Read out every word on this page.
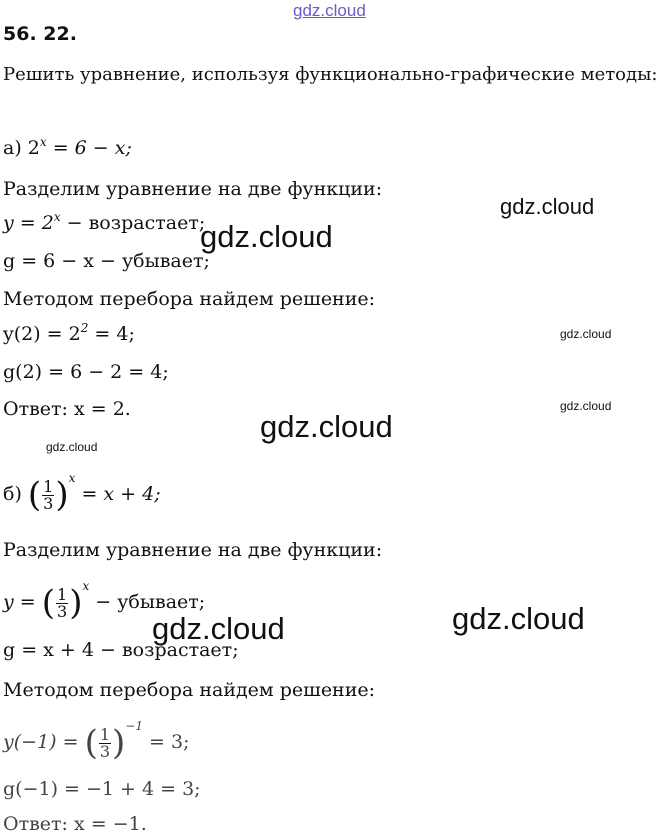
gdz.cloud
gdz.cloud
gdz.cloud
gdz.cloud
gdz.cloud
gdz.cloud
gdz.cloud
gdz.cloud
gdz.cloud
56. 22.
Решить уравнение, используя функционально-графические методы:
а) $2^x = 6 - x$;
Разделим уравнение на две функции:
$y = 2^x$ − возрастает;
g = 6 − x − убывает;
Методом перебора найдем решение:
$y(2) = 2^2 = 4$;
g(2) = 6 − 2 = 4;
Ответ: x = 2.
б) ( $\frac{1}{3} )^x = x + 4$;
Разделим уравнение на две функции:
y = ( $\frac{1}{3} )^x$ − убывает;
g = x + 4 − возрастает;
Методом перебора найдем решение:
y(−1) = ( $\frac{1}{3} )^{-1} = 3$;
g(−1) = −1 + 4 = 3;
Ответ: x = −1.
